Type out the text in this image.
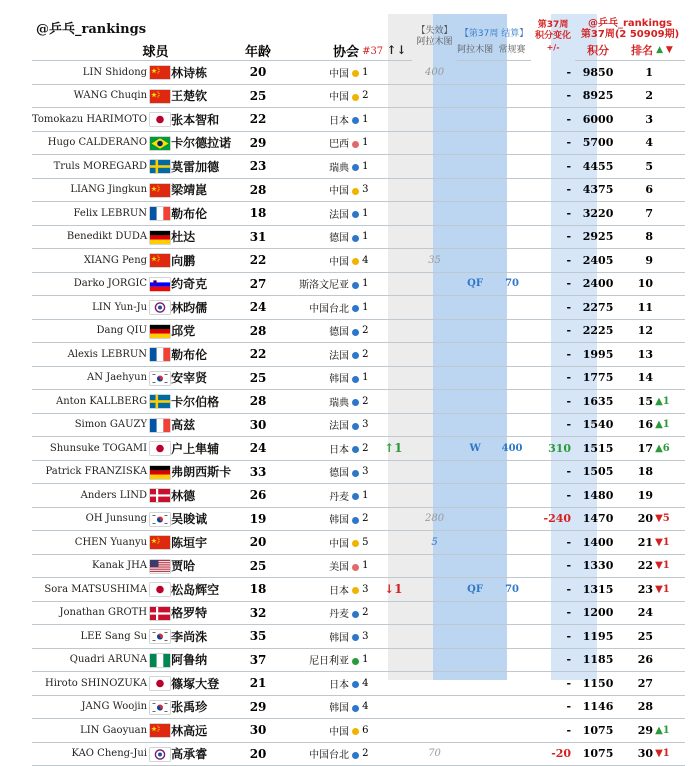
@乒乓_rankings							【失效】
阿拉木图	【第37周 结算】		第37周
积分变化
+/-	@乒乓_rankings
第37周(2 50909期)		
球员			年龄	协会	#37 ↑↓			阿拉木图	常规赛		积分	排名	▲ ▼
LIN Shidong		林诗栋	20	中国	1		400			-	9850	1	
WANG Chuqin		王楚钦	25	中国	2					-	8925	2	
Tomokazu HARIMOTO		张本智和	22	日本	1					-	6000	3	
Hugo CALDERANO		卡尔德拉诺	29	巴西	1					-	5700	4	
Truls MOREGARD		莫雷加德	23	瑞典	1					-	4455	5	
LIANG Jingkun		梁靖崑	28	中国	3					-	4375	6	
Felix LEBRUN		勒布伦	18	法国	1					-	3220	7	
Benedikt DUDA		杜达	31	德国	1					-	2925	8	
XIANG Peng		向鹏	22	中国	4		35			-	2405	9	
Darko JORGIC		约奇克	27	斯洛文尼亚	1			QF	70	-	2400	10	
LIN Yun-Ju		林昀儒	24	中国台北	1					-	2275	11	
Dang QIU		邱党	28	德国	2					-	2225	12	
Alexis LEBRUN		勒布伦	22	法国	2					-	1995	13	
AN Jaehyun		安宰贤	25	韩国	1					-	1775	14	
Anton KALLBERG		卡尔伯格	28	瑞典	2					-	1635	15	▲1
Simon GAUZY		高兹	30	法国	3					-	1540	16	▲1
Shunsuke TOGAMI		户上隼辅	24	日本	2	↑1		W	400	310	1515	17	▲6
Patrick FRANZISKA		弗朗西斯卡	33	德国	3					-	1505	18	
Anders LIND		林德	26	丹麦	1					-	1480	19	
OH Junsung		吴晙诚	19	韩国	2		280			-240	1470	20	▼5
CHEN Yuanyu		陈垣宇	20	中国	5		5			-	1400	21	▼1
Kanak JHA		贾哈	25	美国	1					-	1330	22	▼1
Sora MATSUSHIMA		松岛辉空	18	日本	3	↓1		QF	70	-	1315	23	▼1
Jonathan GROTH		格罗特	32	丹麦	2					-	1200	24	
LEE Sang Su		李尚洙	35	韩国	3					-	1195	25	
Quadri ARUNA		阿鲁纳	37	尼日利亚	1					-	1185	26	
Hiroto SHINOZUKA		篠塚大登	21	日本	4					-	1150	27	
JANG Woojin		张禹珍	29	韩国	4					-	1146	28	
LIN Gaoyuan		林高远	30	中国	6					-	1075	29	▲1
KAO Cheng-Jui		高承睿	20	中国台北	2		70			-20	1075	30	▼1
